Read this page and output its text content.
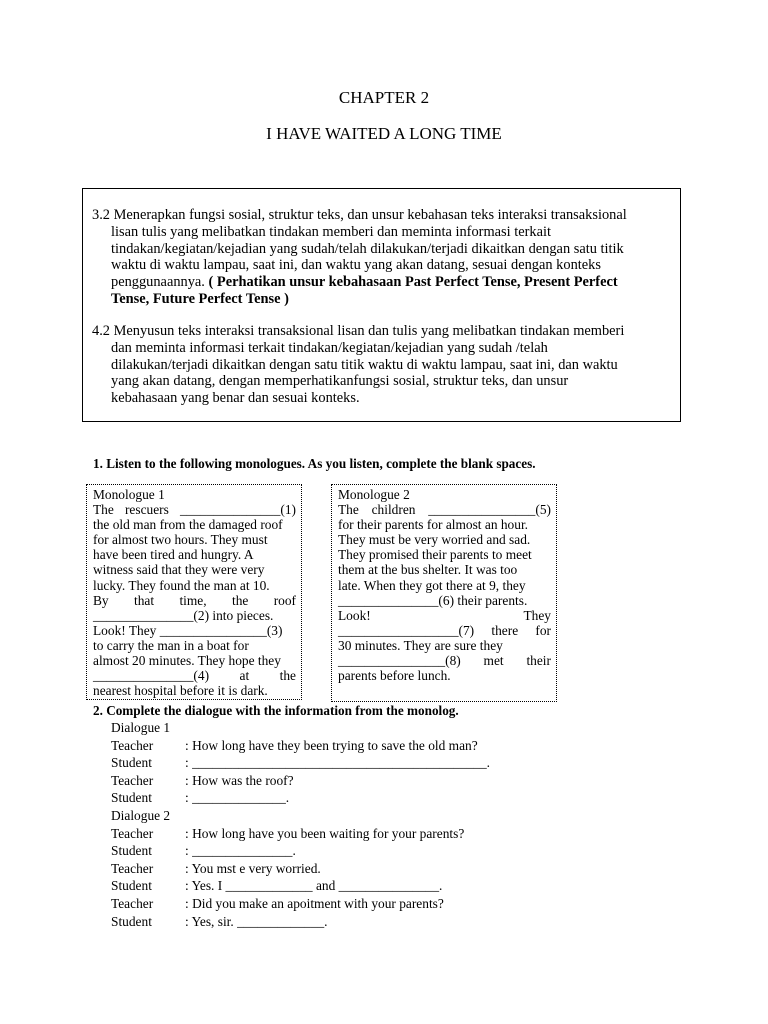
CHAPTER 2
I HAVE WAITED A LONG TIME
3.2 Menerapkan fungsi sosial, struktur teks, dan unsur kebahasan teks interaksi transaksional
lisan tulis yang melibatkan tindakan memberi dan meminta informasi terkait
tindakan/kegiatan/kejadian yang sudah/telah dilakukan/terjadi dikaitkan dengan satu titik
waktu di waktu lampau, saat ini, dan waktu yang akan datang, sesuai dengan konteks
penggunaannya. ( Perhatikan unsur kebahasaan Past Perfect Tense, Present Perfect
Tense, Future Perfect Tense )
4.2 Menyusun teks interaksi transaksional lisan dan tulis yang melibatkan tindakan memberi
dan meminta informasi terkait tindakan/kegiatan/kejadian yang sudah /telah
dilakukan/terjadi dikaitkan dengan satu titik waktu di waktu lampau, saat ini, dan waktu
yang akan datang, dengan memperhatikanfungsi sosial, struktur teks, dan unsur
kebahasaan yang benar dan sesuai konteks.
1. Listen to the following monologues. As you listen, complete the blank spaces.
Monologue 1
The rescuers _______________(1)
the old man from the damaged roof
for almost two hours. They must
have been tired and hungry. A
witness said that they were very
lucky. They found the man at 10.
By that time, the roof
_______________(2) into pieces.
Look! They ________________(3)
to carry the man in a boat for
almost 20 minutes. They hope they
_______________(4) at the
nearest hospital before it is dark.
Monologue 2
The children ________________(5)
for their parents for almost an hour.
They must be very worried and sad.
They promised their parents to meet
them at the bus shelter. It was too
late. When they got there at 9, they
_______________(6) their parents.
Look!	They
__________________(7) there for
30 minutes. They are sure they
________________(8) met their
parents before lunch.
2. Complete the dialogue with the information from the monolog.
Dialogue 1
Teacher : How long have they been trying to save the old man?
Student : ____________________________________________.
Teacher : How was the roof?
Student : ______________.
Dialogue 2
Teacher : How long have you been waiting for your parents?
Student : _______________.
Teacher : You mst e very worried.
Student : Yes. I _____________ and _______________.
Teacher : Did you make an apoitment with your parents?
Student : Yes, sir. _____________.
